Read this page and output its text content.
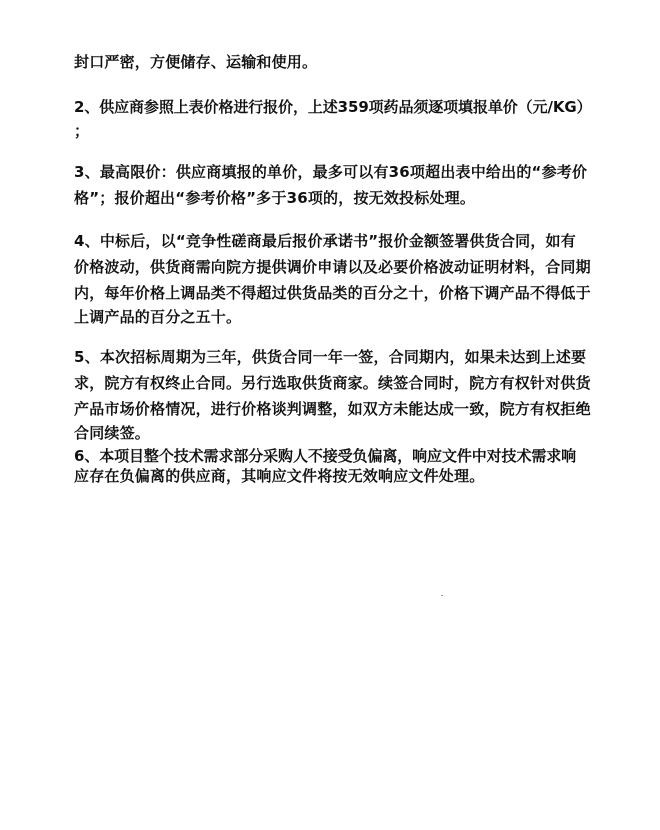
封口严密，方便储存、运输和使用。
2、供应商参照上表价格进行报价，上述359项药品须逐项填报单价（元/KG）
；
3、最高限价：供应商填报的单价，最多可以有36项超出表中给出的“参考价
格”；报价超出“参考价格”多于36项的，按无效投标处理。
4、中标后，以“竞争性磋商最后报价承诺书”报价金额签署供货合同，如有
价格波动，供货商需向院方提供调价申请以及必要价格波动证明材料，合同期
内，每年价格上调品类不得超过供货品类的百分之十，价格下调产品不得低于
上调产品的百分之五十。
5、本次招标周期为三年，供货合同一年一签，合同期内，如果未达到上述要
求，院方有权终止合同。另行选取供货商家。续签合同时，院方有权针对供货
产品市场价格情况，进行价格谈判调整，如双方未能达成一致，院方有权拒绝
合同续签。
6、本项目整个技术需求部分采购人不接受负偏离，响应文件中对技术需求响
应存在负偏离的供应商，其响应文件将按无效响应文件处理。
